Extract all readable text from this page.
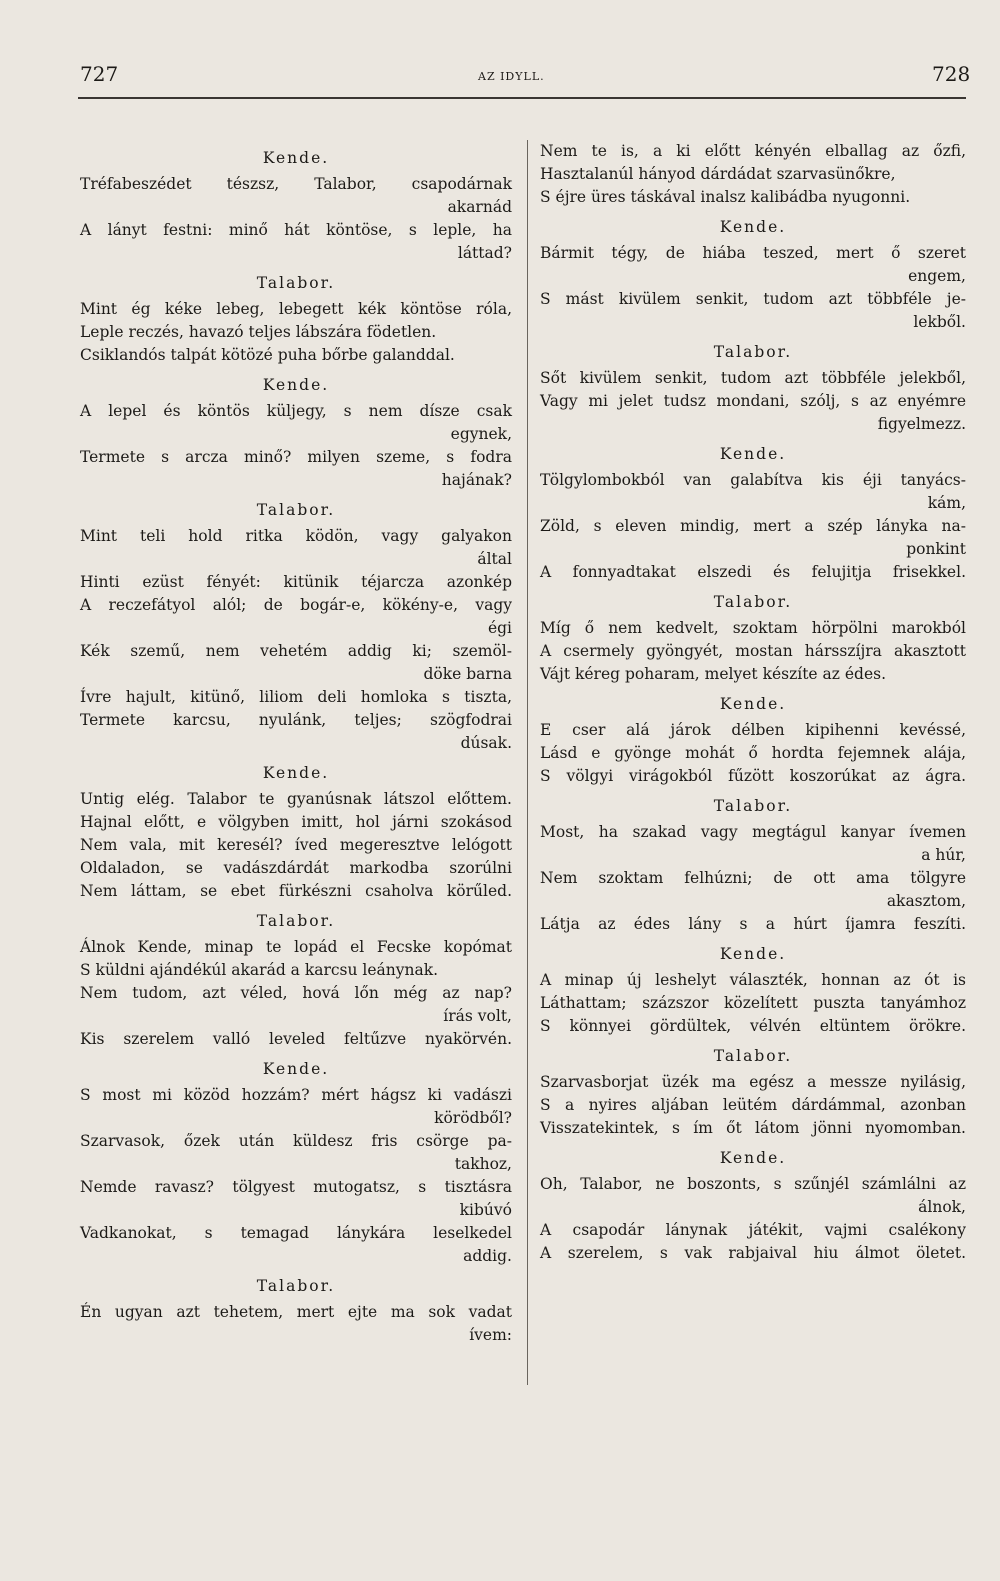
727	AZ IDYLL.	728
Kende.
Tréfabeszédet tészsz, Talabor, csapodárnak
akarnád
A lányt festni: minő hát köntöse, s leple, ha
láttad?
Talabor.
Mint ég kéke lebeg, lebegett kék köntöse róla,
Leple reczés, havazó teljes lábszára födetlen.
Csiklandós talpát kötözé puha bőrbe galanddal.
Kende.
A lepel és köntös küljegy, s nem dísze csak
egynek,
Termete s arcza minő? milyen szeme, s fodra
hajának?
Talabor.
Mint teli hold ritka ködön, vagy galyakon
által
Hinti ezüst fényét: kitünik téjarcza azonkép
A reczefátyol alól; de bogár-e, kökény-e, vagy
égi
Kék szemű, nem vehetém addig ki; szemöl-
döke barna
Ívre hajult, kitünő, liliom deli homloka s tiszta,
Termete karcsu, nyulánk, teljes; szögfodrai
dúsak.
Kende.
Untig elég. Talabor te gyanúsnak látszol előttem.
Hajnal előtt, e völgyben imitt, hol járni szokásod
Nem vala, mit keresél? íved megeresztve lelógott
Oldaladon, se vadászdárdát markodba szorúlni
Nem láttam, se ebet fürkészni csaholva körűled.
Talabor.
Álnok Kende, minap te lopád el Fecske kopómat
S küldni ajándékúl akarád a karcsu leánynak.
Nem tudom, azt véled, hová lőn még az nap?
írás volt,
Kis szerelem valló leveled feltűzve nyakörvén.
Kende.
S most mi közöd hozzám? mért hágsz ki vadászi
körödből?
Szarvasok, őzek után küldesz fris csörge pa-
takhoz,
Nemde ravasz? tölgyest mutogatsz, s tisztásra
kibúvó
Vadkanokat, s temagad lánykára leselkedel
addig.
Talabor.
Én ugyan azt tehetem, mert ejte ma sok vadat
ívem:
Nem te is, a ki előtt kényén elballag az őzfi,
Hasztalanúl hányod dárdádat szarvasünőkre,
S éjre üres táskával inalsz kalibádba nyugonni.
Kende.
Bármit tégy, de hiába teszed, mert ő szeret
engem,
S mást kivülem senkit, tudom azt többféle je-
lekből.
Talabor.
Sőt kivülem senkit, tudom azt többféle jelekből,
Vagy mi jelet tudsz mondani, szólj, s az enyémre
figyelmezz.
Kende.
Tölgylombokból van galabítva kis éji tanyács-
kám,
Zöld, s eleven mindig, mert a szép lányka na-
ponkint
A fonnyadtakat elszedi és felujitja frisekkel.
Talabor.
Míg ő nem kedvelt, szoktam hörpölni marokból
A csermely gyöngyét, mostan hársszíjra akasztott
Vájt kéreg poharam, melyet készíte az édes.
Kende.
E cser alá járok délben kipihenni kevéssé,
Lásd e gyönge mohát ő hordta fejemnek alája,
S völgyi virágokból fűzött koszorúkat az ágra.
Talabor.
Most, ha szakad vagy megtágul kanyar ívemen
a húr,
Nem szoktam felhúzni; de ott ama tölgyre
akasztom,
Látja az édes lány s a húrt íjamra feszíti.
Kende.
A minap új leshelyt választék, honnan az ót is
Láthattam; százszor közelített puszta tanyámhoz
S könnyei gördültek, vélvén eltüntem örökre.
Talabor.
Szarvasborjat üzék ma egész a messze nyilásig,
S a nyires aljában leütém dárdámmal, azonban
Visszatekintek, s ím őt látom jönni nyomomban.
Kende.
Oh, Talabor, ne boszonts, s szűnjél számlálni az
álnok,
A csapodár lánynak játékit, vajmi csalékony
A szerelem, s vak rabjaival hiu álmot öletet.
